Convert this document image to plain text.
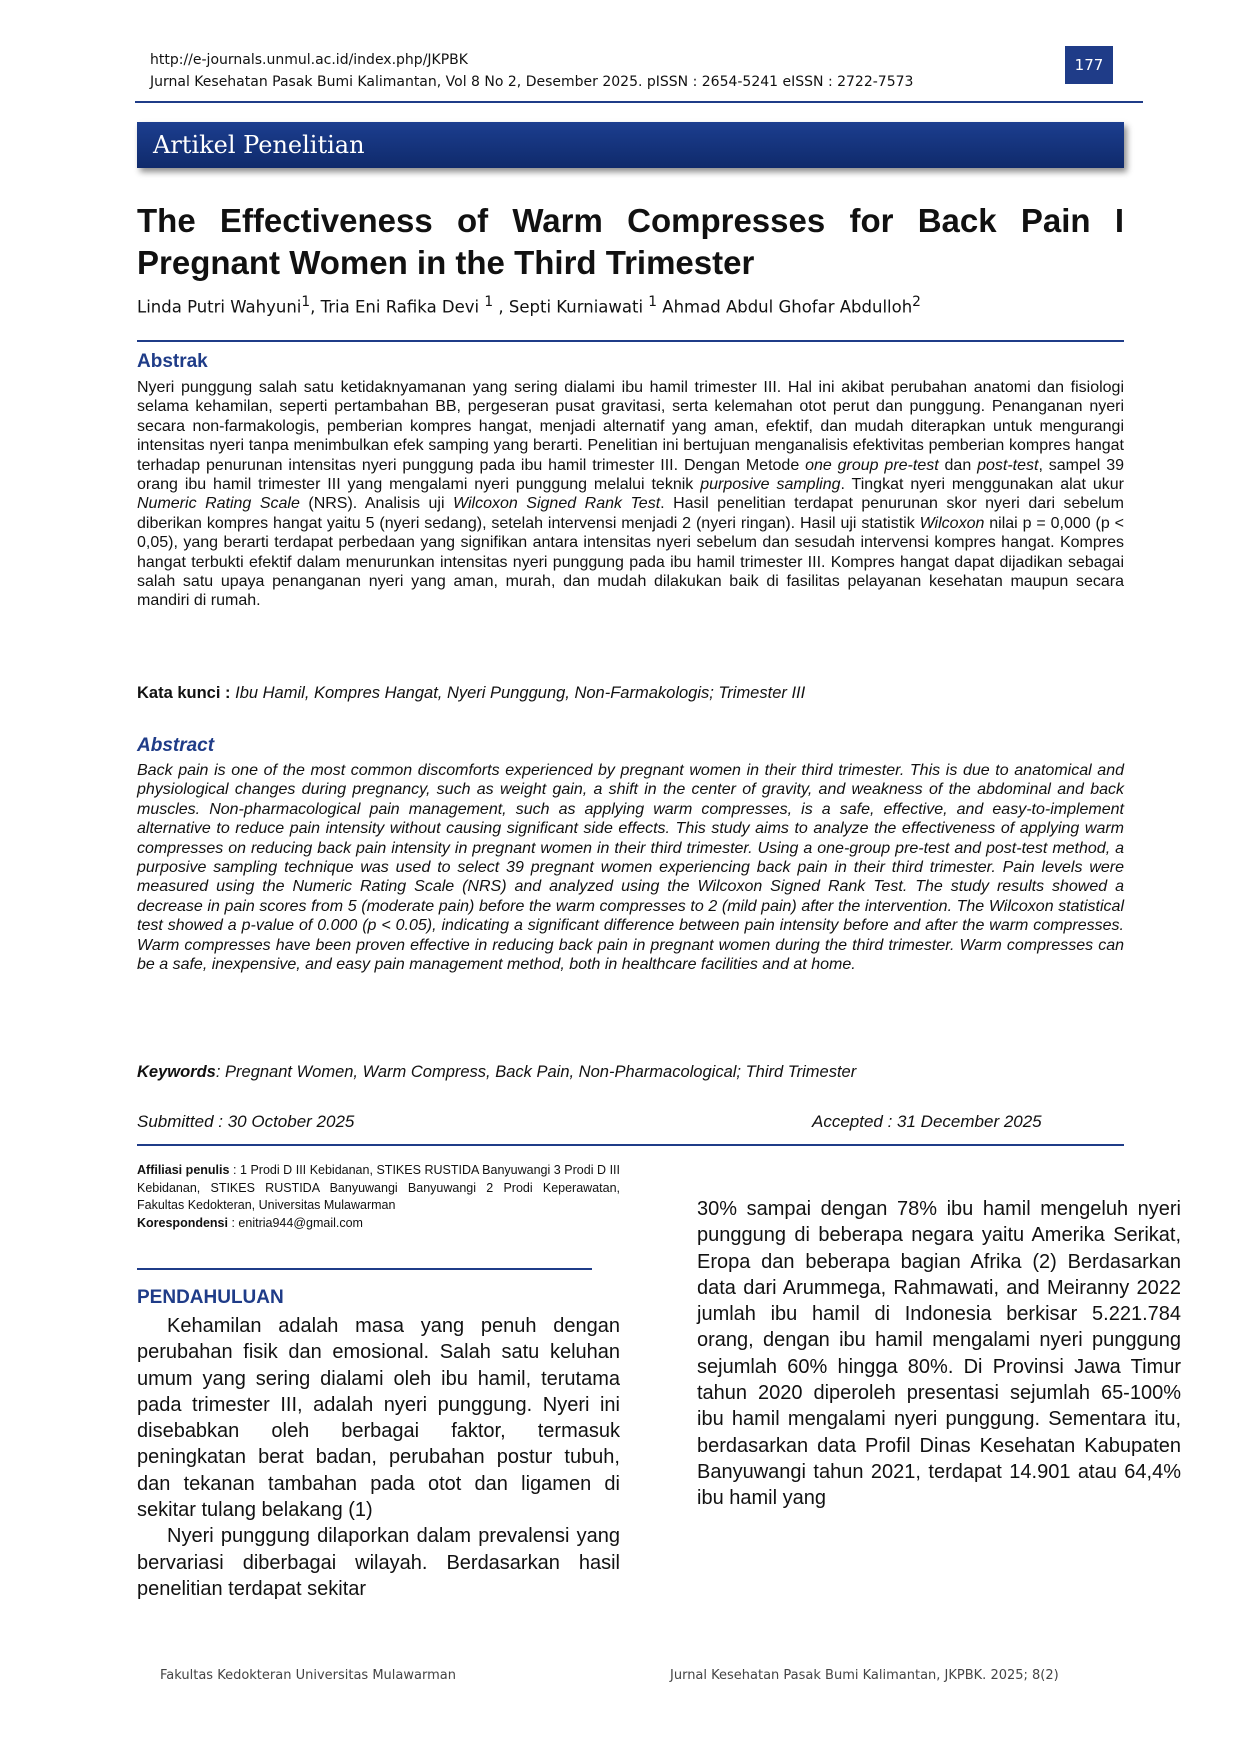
http://e-journals.unmul.ac.id/index.php/JKPBK
Jurnal Kesehatan Pasak Bumi Kalimantan, Vol 8 No 2, Desember 2025. pISSN : 2654-5241 eISSN : 2722-7573
177
Artikel Penelitian
The Effectiveness of Warm Compresses for Back Pain I Pregnant Women in the Third Trimester
Linda Putri Wahyuni$^1$, Tria Eni Rafika Devi $^1$ , Septi Kurniawati $^1$ Ahmad Abdul Ghofar Abdulloh$^2$
Abstrak
Nyeri punggung salah satu ketidaknyamanan yang sering dialami ibu hamil trimester III. Hal ini akibat perubahan anatomi dan fisiologi selama kehamilan, seperti pertambahan BB, pergeseran pusat gravitasi, serta kelemahan otot perut dan punggung. Penanganan nyeri secara non-farmakologis, pemberian kompres hangat, menjadi alternatif yang aman, efektif, dan mudah diterapkan untuk mengurangi intensitas nyeri tanpa menimbulkan efek samping yang berarti. Penelitian ini bertujuan menganalisis efektivitas pemberian kompres hangat terhadap penurunan intensitas nyeri punggung pada ibu hamil trimester III. Dengan Metode one group pre-test dan post-test, sampel 39 orang ibu hamil trimester III yang mengalami nyeri punggung melalui teknik purposive sampling. Tingkat nyeri menggunakan alat ukur Numeric Rating Scale (NRS). Analisis uji Wilcoxon Signed Rank Test. Hasil penelitian terdapat penurunan skor nyeri dari sebelum diberikan kompres hangat yaitu 5 (nyeri sedang), setelah intervensi menjadi 2 (nyeri ringan). Hasil uji statistik Wilcoxon nilai p = 0,000 (p < 0,05), yang berarti terdapat perbedaan yang signifikan antara intensitas nyeri sebelum dan sesudah intervensi kompres hangat. Kompres hangat terbukti efektif dalam menurunkan intensitas nyeri punggung pada ibu hamil trimester III. Kompres hangat dapat dijadikan sebagai salah satu upaya penanganan nyeri yang aman, murah, dan mudah dilakukan baik di fasilitas pelayanan kesehatan maupun secara mandiri di rumah.
Kata kunci : Ibu Hamil, Kompres Hangat, Nyeri Punggung, Non-Farmakologis; Trimester III
Abstract
Back pain is one of the most common discomforts experienced by pregnant women in their third trimester. This is due to anatomical and physiological changes during pregnancy, such as weight gain, a shift in the center of gravity, and weakness of the abdominal and back muscles. Non-pharmacological pain management, such as applying warm compresses, is a safe, effective, and easy-to-implement alternative to reduce pain intensity without causing significant side effects. This study aims to analyze the effectiveness of applying warm compresses on reducing back pain intensity in pregnant women in their third trimester. Using a one-group pre-test and post-test method, a purposive sampling technique was used to select 39 pregnant women experiencing back pain in their third trimester. Pain levels were measured using the Numeric Rating Scale (NRS) and analyzed using the Wilcoxon Signed Rank Test. The study results showed a decrease in pain scores from 5 (moderate pain) before the warm compresses to 2 (mild pain) after the intervention. The Wilcoxon statistical test showed a p-value of 0.000 (p < 0.05), indicating a significant difference between pain intensity before and after the warm compresses. Warm compresses have been proven effective in reducing back pain in pregnant women during the third trimester. Warm compresses can be a safe, inexpensive, and easy pain management method, both in healthcare facilities and at home.
Keywords: Pregnant Women, Warm Compress, Back Pain, Non-Pharmacological; Third Trimester
Submitted : 30 October 2025	Accepted : 31 December 2025
Affiliasi penulis : 1 Prodi D III Kebidanan, STIKES RUSTIDA Banyuwangi 3 Prodi D III Kebidanan, STIKES RUSTIDA Banyuwangi Banyuwangi 2 Prodi Keperawatan, Fakultas Kedokteran, Universitas Mulawarman
Korespondensi : enitria944@gmail.com
PENDAHULUAN

Kehamilan adalah masa yang penuh dengan perubahan fisik dan emosional. Salah satu keluhan umum yang sering dialami oleh ibu hamil, terutama pada trimester III, adalah nyeri punggung. Nyeri ini disebabkan oleh berbagai faktor, termasuk peningkatan berat badan, perubahan postur tubuh, dan tekanan tambahan pada otot dan ligamen di sekitar tulang belakang (1)

Nyeri punggung dilaporkan dalam prevalensi yang bervariasi diberbagai wilayah. Berdasarkan hasil penelitian terdapat sekitar

30% sampai dengan 78% ibu hamil mengeluh nyeri punggung di beberapa negara yaitu Amerika Serikat, Eropa dan beberapa bagian Afrika (2) Berdasarkan data dari Arummega, Rahmawati, and Meiranny 2022 jumlah ibu hamil di Indonesia berkisar 5.221.784 orang, dengan ibu hamil mengalami nyeri punggung sejumlah 60% hingga 80%. Di Provinsi Jawa Timur tahun 2020 diperoleh presentasi sejumlah 65-100% ibu hamil mengalami nyeri punggung. Sementara itu, berdasarkan data Profil Dinas Kesehatan Kabupaten Banyuwangi tahun 2021, terdapat 14.901 atau 64,4% ibu hamil yang

Fakultas Kedokteran Universitas Mulawarman	Jurnal Kesehatan Pasak Bumi Kalimantan, JKPBK. 2025; 8(2)
